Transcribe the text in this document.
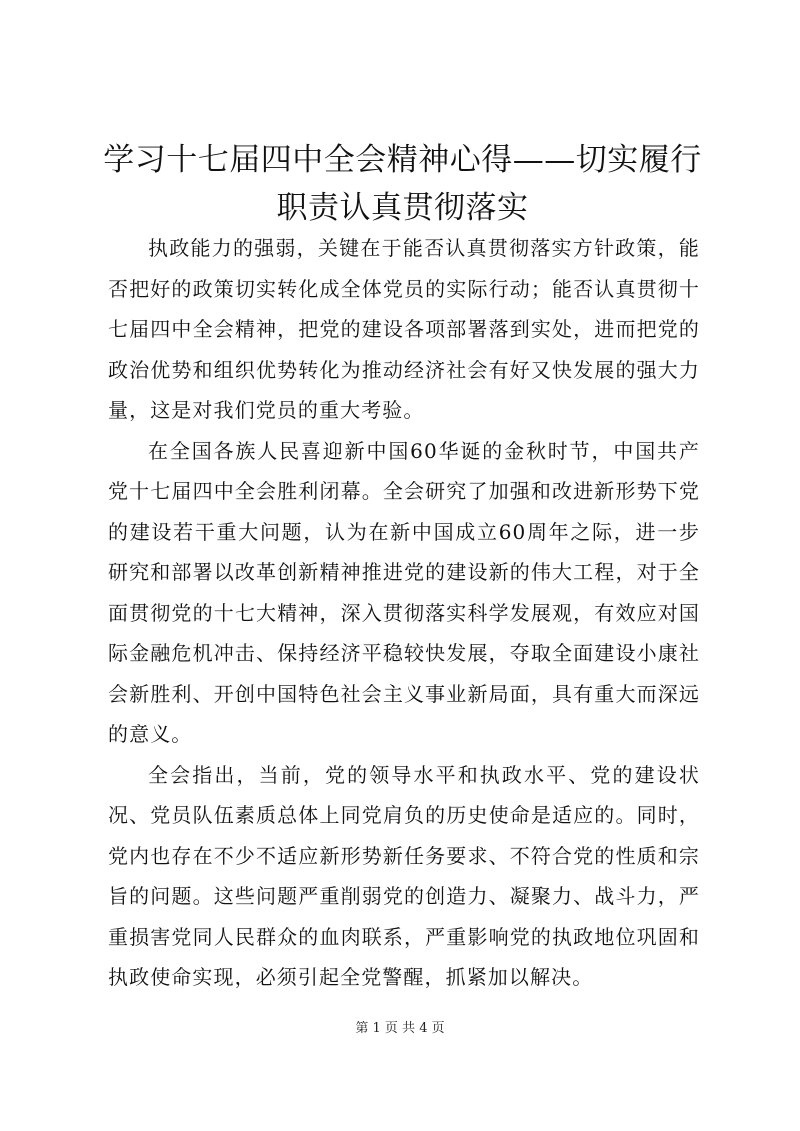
学习十七届四中全会精神心得——切实履行职责认真贯彻落实

执政能力的强弱，关键在于能否认真贯彻落实方针政策，能否把好的政策切实转化成全体党员的实际行动；能否认真贯彻十七届四中全会精神，把党的建设各项部署落到实处，进而把党的政治优势和组织优势转化为推动经济社会有好又快发展的强大力量，这是对我们党员的重大考验。

在全国各族人民喜迎新中国60华诞的金秋时节，中国共产党十七届四中全会胜利闭幕。全会研究了加强和改进新形势下党的建设若干重大问题，认为在新中国成立60周年之际，进一步研究和部署以改革创新精神推进党的建设新的伟大工程，对于全面贯彻党的十七大精神，深入贯彻落实科学发展观，有效应对国际金融危机冲击、保持经济平稳较快发展，夺取全面建设小康社会新胜利、开创中国特色社会主义事业新局面，具有重大而深远的意义。

全会指出，当前，党的领导水平和执政水平、党的建设状况、党员队伍素质总体上同党肩负的历史使命是适应的。同时，党内也存在不少不适应新形势新任务要求、不符合党的性质和宗旨的问题。这些问题严重削弱党的创造力、凝聚力、战斗力，严重损害党同人民群众的血肉联系，严重影响党的执政地位巩固和执政使命实现，必须引起全党警醒，抓紧加以解决。

第 1 页 共 4 页
